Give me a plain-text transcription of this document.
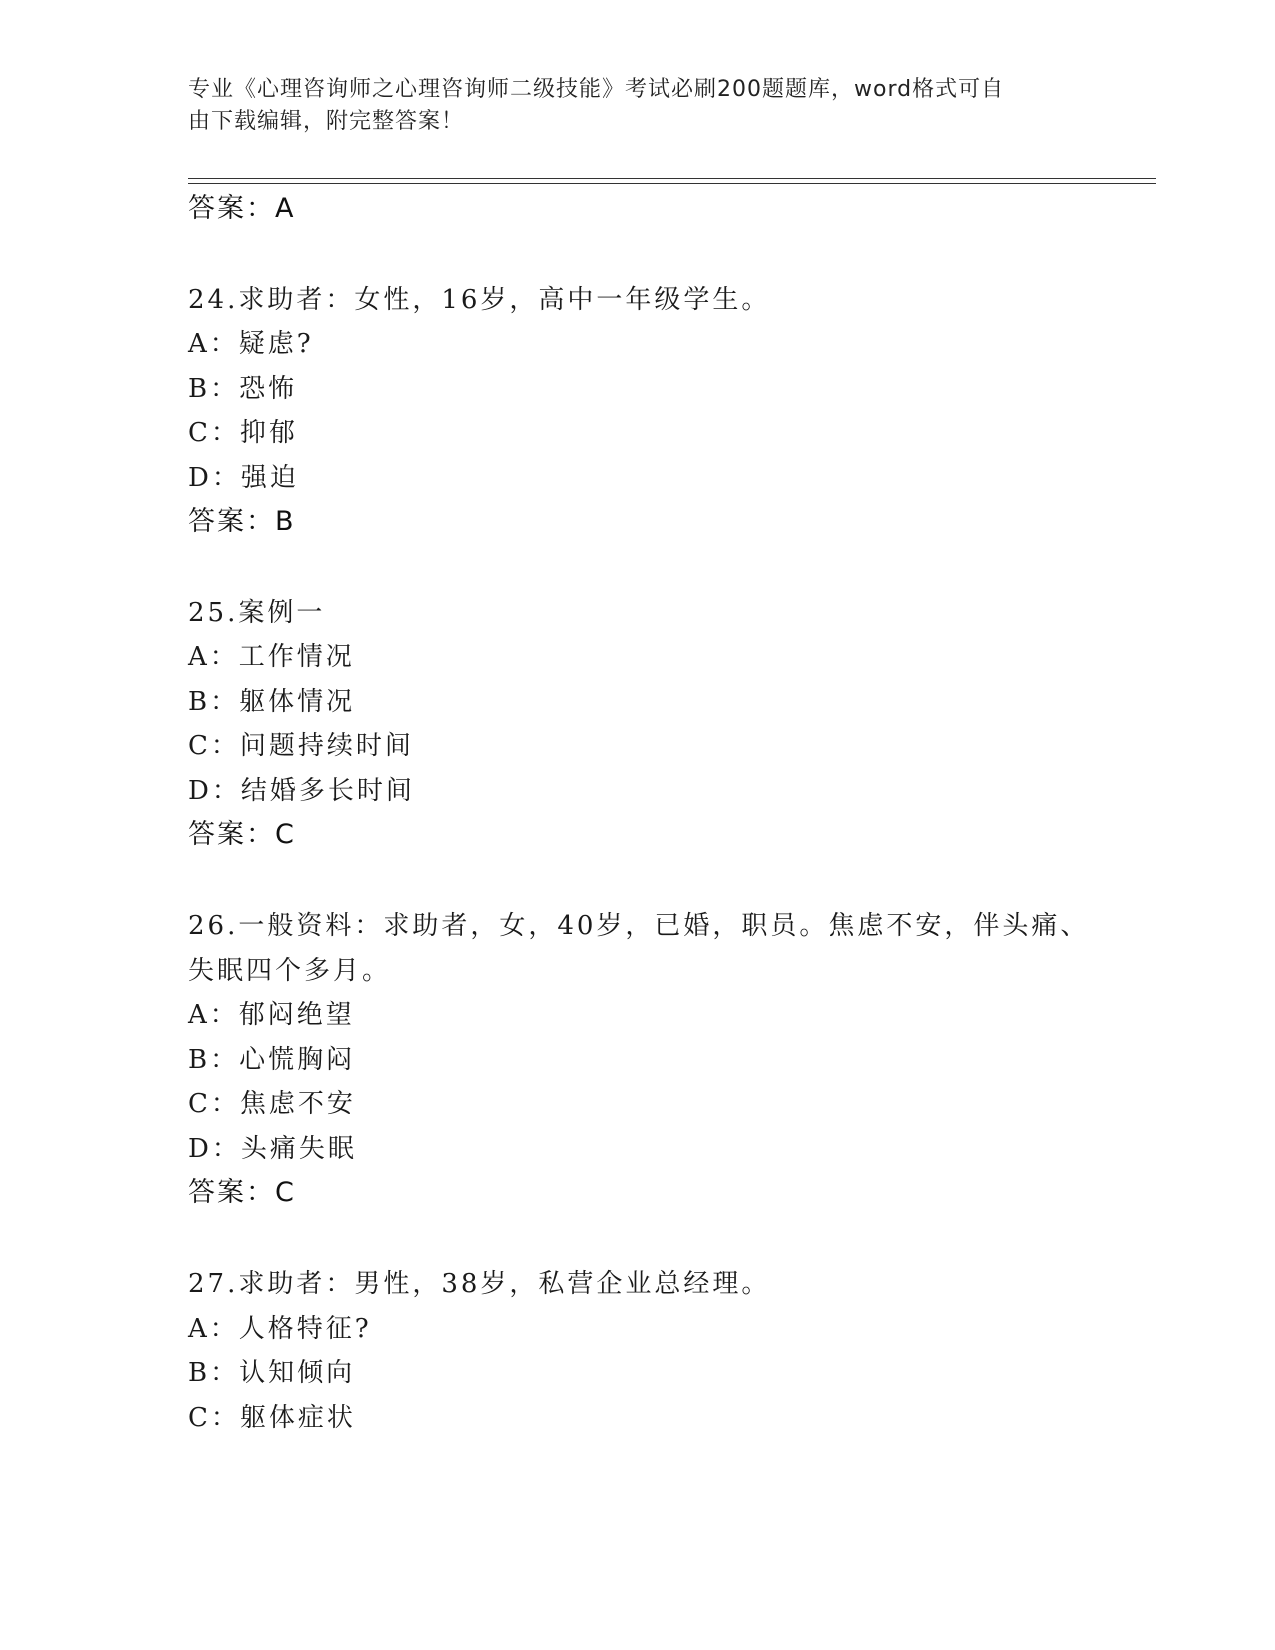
专业《心理咨询师之心理咨询师二级技能》考试必刷200题题库，word格式可自
由下载编辑，附完整答案！
答案：A
24.求助者：女性，16岁，高中一年级学生。
A：疑虑?
B：恐怖
C：抑郁
D：强迫
答案：B
25.案例一
A：工作情况
B：躯体情况
C：问题持续时间
D：结婚多长时间
答案：C
26.一般资料：求助者，女，40岁，已婚，职员。焦虑不安，伴头痛、
失眠四个多月。
A：郁闷绝望
B：心慌胸闷
C：焦虑不安
D：头痛失眠
答案：C
27.求助者：男性，38岁，私营企业总经理。
A：人格特征?
B：认知倾向
C：躯体症状
